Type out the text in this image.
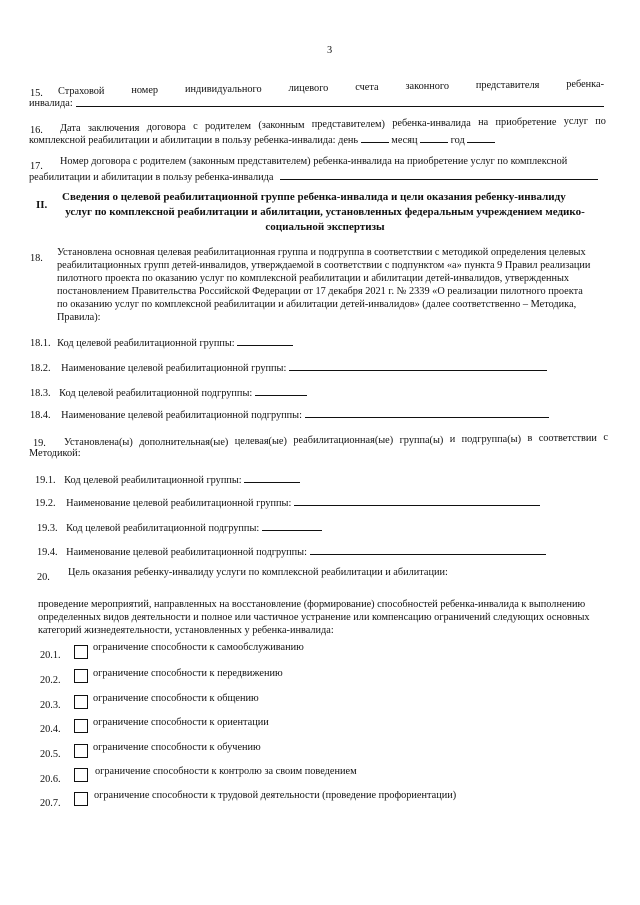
3
15. Страховой	номер	индивидуального	лицевого	счета	законного	представителя	ребенка-
инвалида:
16. Дата заключения договора с родителем (законным представителем) ребенка-инвалида на приобретение услуг по
комплексной реабилитации и абилитации в пользу ребенка-инвалида: день	месяц	год
17. Номер договора с родителем (законным представителем) ребенка-инвалида на приобретение услуг по комплексной
реабилитации и абилитации в пользу ребенка-инвалида
II.
Сведения о целевой реабилитационной группе ребенка-инвалида и цели оказания ребенку-инвалиду
услуг по комплексной реабилитации и абилитации, установленных федеральным учреждением медико-
социальной экспертизы
18.
Установлена основная целевая реабилитационная группа и подгруппа в соответствии с методикой определения целевых
реабилитационных групп детей-инвалидов, утверждаемой в соответствии с подпунктом «а» пункта 9 Правил реализации
пилотного проекта по оказанию услуг по комплексной реабилитации и абилитации детей-инвалидов, утвержденных
постановлением Правительства Российской Федерации от 17 декабря 2021 г. № 2339 «О реализации пилотного проекта
по оказанию услуг по комплексной реабилитации и абилитации детей-инвалидов» (далее соответственно – Методика,
Правила):
18.1. Код целевой реабилитационной группы:
18.2. Наименование целевой реабилитационной группы:
18.3. Код целевой реабилитационной подгруппы:
18.4. Наименование целевой реабилитационной подгруппы:
19. Установлена(ы) дополнительная(ые) целевая(ые) реабилитационная(ые) группа(ы) и подгруппа(ы) в соответствии с
Методикой:
19.1. Код целевой реабилитационной группы:
19.2. Наименование целевой реабилитационной группы:
19.3. Код целевой реабилитационной подгруппы:
19.4. Наименование целевой реабилитационной подгруппы:
20. Цель оказания ребенку-инвалиду услуги по комплексной реабилитации и абилитации:
проведение мероприятий, направленных на восстановление (формирование) способностей ребенка-инвалида к выполнению
определенных видов деятельности и полное или частичное устранение или компенсацию ограничений следующих основных
категорий жизнедеятельности, установленных у ребенка-инвалида:
20.1.
ограничение способности к самообслуживанию
20.2.
ограничение способности к передвижению
20.3.
ограничение способности к общению
20.4.
ограничение способности к ориентации
20.5.
ограничение способности к обучению
20.6.
ограничение способности к контролю за своим поведением
20.7.
ограничение способности к трудовой деятельности (проведение профориентации)
